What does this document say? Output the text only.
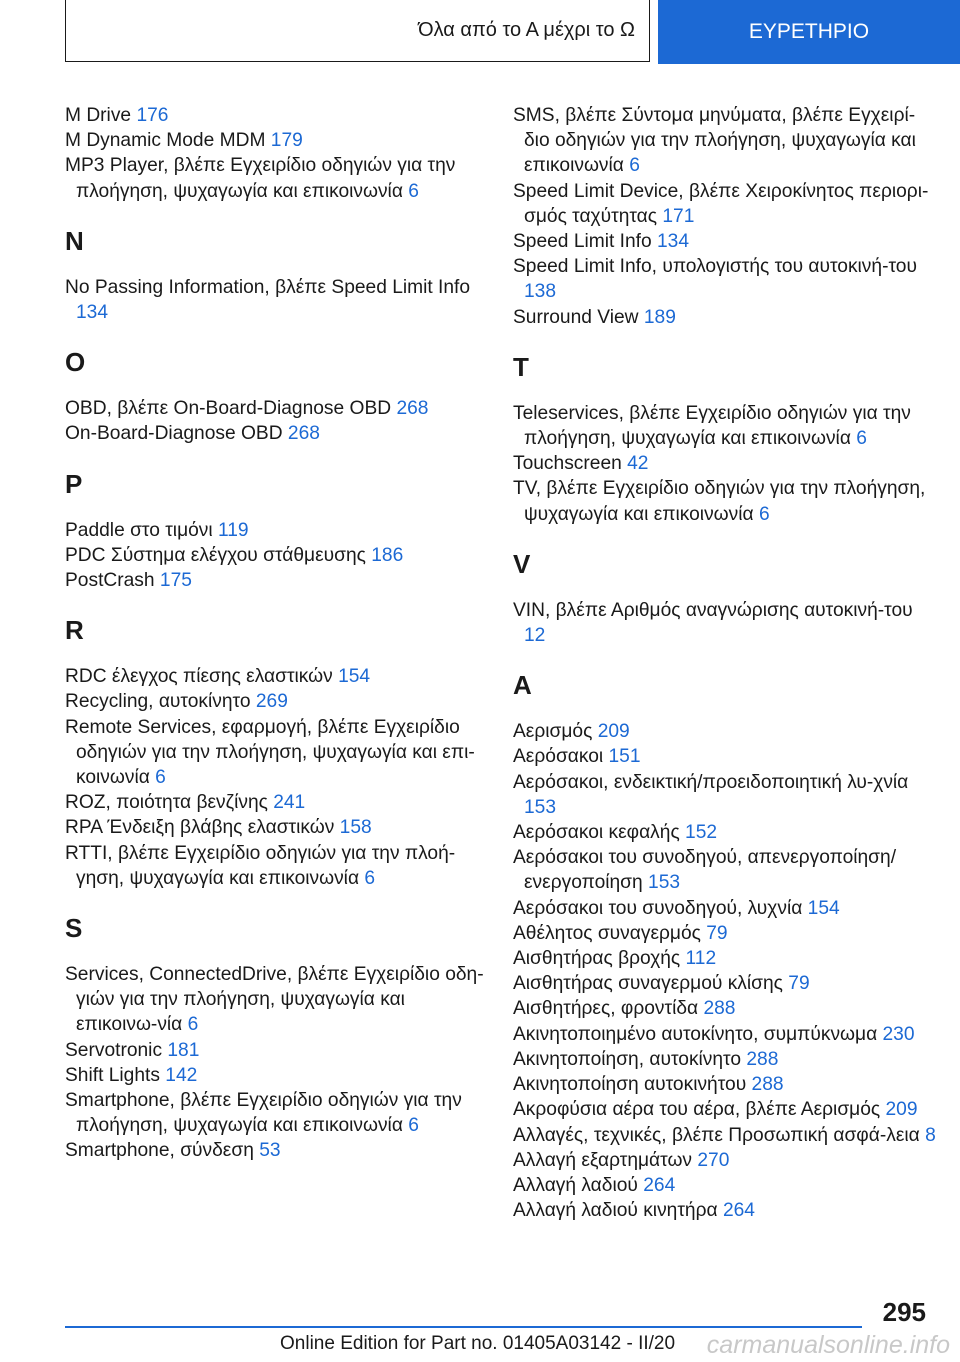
Όλα από το Α μέχρι το Ω	ΕΥΡΕΤΗΡΙΟ
M Drive 176
M Dynamic Mode MDM 179
MP3 Player, βλέπε Εγχειρίδιο οδηγιών για την πλοήγηση, ψυχαγωγία και επικοινωνία 6
N
No Passing Information, βλέπε Speed Limit Info 134
O
OBD, βλέπε On-Board-Diagnose OBD 268
On-Board-Diagnose OBD 268
P
Paddle στο τιμόνι 119
PDC Σύστημα ελέγχου στάθμευσης 186
PostCrash 175
R
RDC έλεγχος πίεσης ελαστικών 154
Recycling, αυτοκίνητο 269
Remote Services, εφαρμογή, βλέπε Εγχειρίδιο οδηγιών για την πλοήγηση, ψυχαγωγία και επι-κοινωνία 6
ROZ, ποιότητα βενζίνης 241
RPA Ένδειξη βλάβης ελαστικών 158
RTTI, βλέπε Εγχειρίδιο οδηγιών για την πλοή-γηση, ψυχαγωγία και επικοινωνία 6
S
Services, ConnectedDrive, βλέπε Εγχειρίδιο οδη-γιών για την πλοήγηση, ψυχαγωγία και επικοινω-νία 6
Servotronic 181
Shift Lights 142
Smartphone, βλέπε Εγχειρίδιο οδηγιών για την πλοήγηση, ψυχαγωγία και επικοινωνία 6
Smartphone, σύνδεση 53
SMS, βλέπε Σύντομα μηνύματα, βλέπε Εγχειρί-διο οδηγιών για την πλοήγηση, ψυχαγωγία και επικοινωνία 6
Speed Limit Device, βλέπε Χειροκίνητος περιορι-σμός ταχύτητας 171
Speed Limit Info 134
Speed Limit Info, υπολογιστής του αυτοκινή-του 138
Surround View 189
T
Teleservices, βλέπε Εγχειρίδιο οδηγιών για την πλοήγηση, ψυχαγωγία και επικοινωνία 6
Touchscreen 42
TV, βλέπε Εγχειρίδιο οδηγιών για την πλοήγηση, ψυχαγωγία και επικοινωνία 6
V
VIN, βλέπε Αριθμός αναγνώρισης αυτοκινή-του 12
Α
Αερισμός 209
Αερόσακοι 151
Αερόσακοι, ενδεικτική/προειδοποιητική λυ-χνία 153
Αερόσακοι κεφαλής 152
Αερόσακοι του συνοδηγού, απενεργοποίηση/ ενεργοποίηση 153
Αερόσακοι του συνοδηγού, λυχνία 154
Αθέλητος συναγερμός 79
Αισθητήρας βροχής 112
Αισθητήρας συναγερμού κλίσης 79
Αισθητήρες, φροντίδα 288
Ακινητοποιημένο αυτοκίνητο, συμπύκνωμα 230
Ακινητοποίηση, αυτοκίνητο 288
Ακινητοποίηση αυτοκινήτου 288
Ακροφύσια αέρα του αέρα, βλέπε Αερισμός 209
Αλλαγές, τεχνικές, βλέπε Προσωπική ασφά-λεια 8
Αλλαγή εξαρτημάτων 270
Αλλαγή λαδιού 264
Αλλαγή λαδιού κινητήρα 264
295
Online Edition for Part no. 01405A03142 - II/20 carmanualsonline.info
